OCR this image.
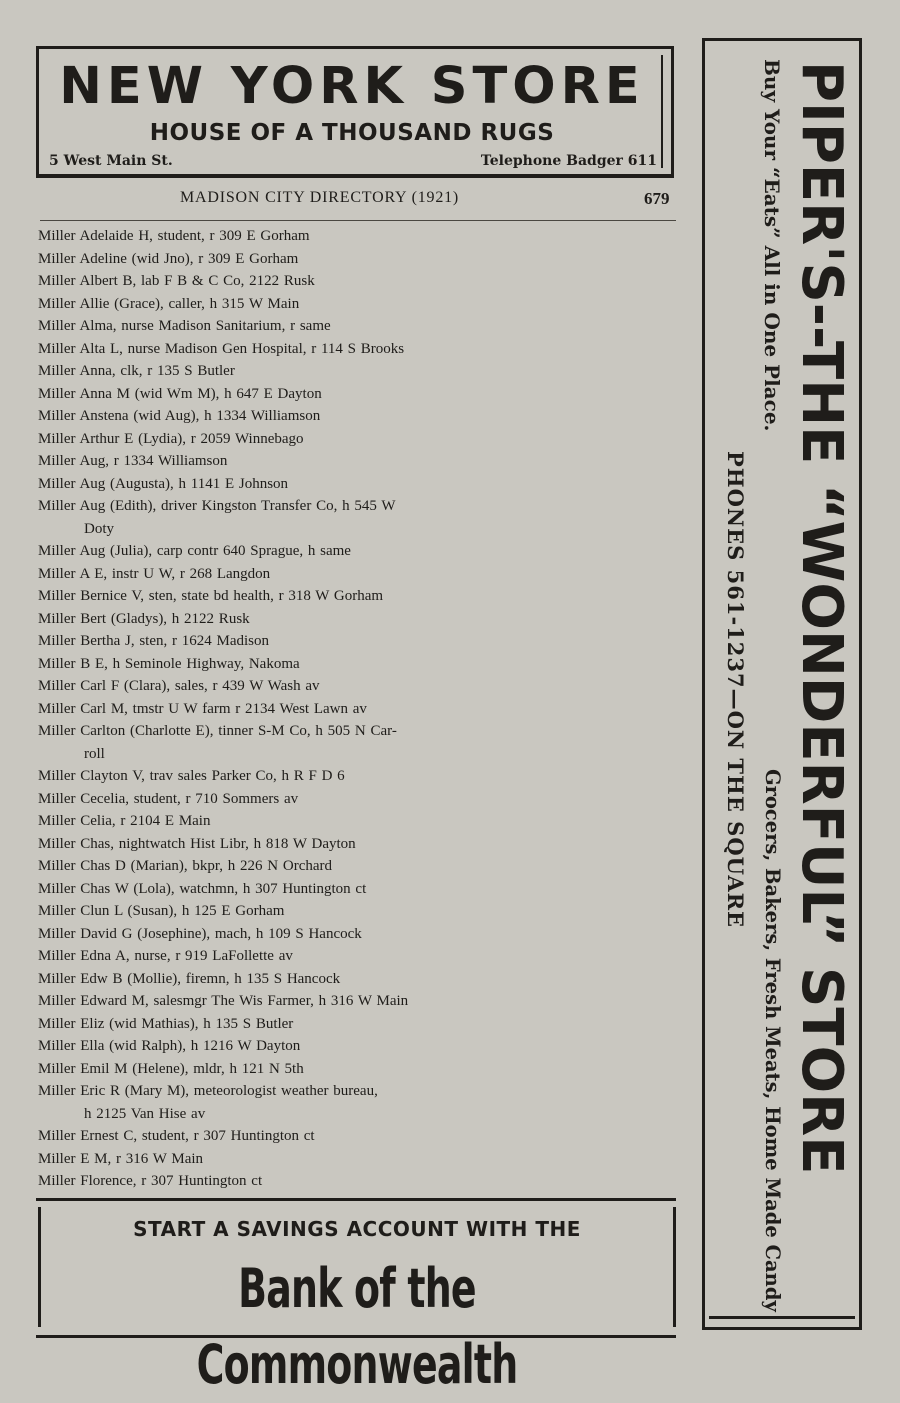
NEW YORK STORE
HOUSE OF A THOUSAND RUGS
5 West Main St.	Telephone Badger 611
MADISON CITY DIRECTORY (1921)	679
Miller Adelaide H, student, r 309 E Gorham
Miller Adeline (wid Jno), r 309 E Gorham
Miller Albert B, lab F B & C Co, 2122 Rusk
Miller Allie (Grace), caller, h 315 W Main
Miller Alma, nurse Madison Sanitarium, r same
Miller Alta L, nurse Madison Gen Hospital, r 114 S Brooks
Miller Anna, clk, r 135 S Butler
Miller Anna M (wid Wm M), h 647 E Dayton
Miller Anstena (wid Aug), h 1334 Williamson
Miller Arthur E (Lydia), r 2059 Winnebago
Miller Aug, r 1334 Williamson
Miller Aug (Augusta), h 1141 E Johnson
Miller Aug (Edith), driver Kingston Transfer Co, h 545 W
Doty
Miller Aug (Julia), carp contr 640 Sprague, h same
Miller A E, instr U W, r 268 Langdon
Miller Bernice V, sten, state bd health, r 318 W Gorham
Miller Bert (Gladys), h 2122 Rusk
Miller Bertha J, sten, r 1624 Madison
Miller B E, h Seminole Highway, Nakoma
Miller Carl F (Clara), sales, r 439 W Wash av
Miller Carl M, tmstr U W farm r 2134 West Lawn av
Miller Carlton (Charlotte E), tinner S-M Co, h 505 N Car-
roll
Miller Clayton V, trav sales Parker Co, h R F D 6
Miller Cecelia, student, r 710 Sommers av
Miller Celia, r 2104 E Main
Miller Chas, nightwatch Hist Libr, h 818 W Dayton
Miller Chas D (Marian), bkpr, h 226 N Orchard
Miller Chas W (Lola), watchmn, h 307 Huntington ct
Miller Clun L (Susan), h 125 E Gorham
Miller David G (Josephine), mach, h 109 S Hancock
Miller Edna A, nurse, r 919 LaFollette av
Miller Edw B (Mollie), firemn, h 135 S Hancock
Miller Edward M, salesmgr The Wis Farmer, h 316 W Main
Miller Eliz (wid Mathias), h 135 S Butler
Miller Ella (wid Ralph), h 1216 W Dayton
Miller Emil M (Helene), mldr, h 121 N 5th
Miller Eric R (Mary M), meteorologist weather bureau,
h 2125 Van Hise av
Miller Ernest C, student, r 307 Huntington ct
Miller E M, r 316 W Main
Miller Florence, r 307 Huntington ct
START A SAVINGS ACCOUNT WITH THE
Bank of the Commonwealth
PIPER'S--THE “WONDERFUL” STORE
Buy Your “Eats” All in One Place.
Grocers, Bakers, Fresh Meats, Home Made Candy
PHONES 561-1237—ON THE SQUARE
